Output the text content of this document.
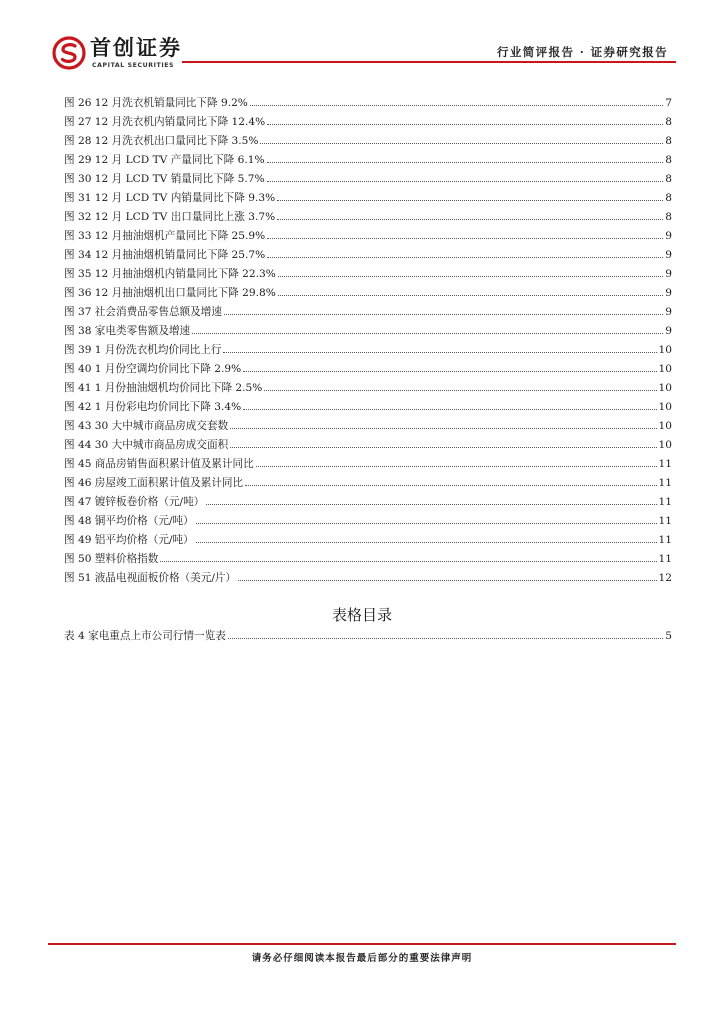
首创证券
CAPITAL SECURITIES
行业简评报告 · 证券研究报告
图 26 12 月洗衣机销量同比下降 9.2%	7
图 27 12 月洗衣机内销量同比下降 12.4%	8
图 28 12 月洗衣机出口量同比下降 3.5%	8
图 29 12 月 LCD TV 产量同比下降 6.1%	8
图 30 12 月 LCD TV 销量同比下降 5.7%	8
图 31 12 月 LCD TV 内销量同比下降 9.3%	8
图 32 12 月 LCD TV 出口量同比上涨 3.7%	8
图 33 12 月抽油烟机产量同比下降 25.9%	9
图 34 12 月抽油烟机销量同比下降 25.7%	9
图 35 12 月抽油烟机内销量同比下降 22.3%	9
图 36 12 月抽油烟机出口量同比下降 29.8%	9
图 37 社会消费品零售总额及增速	9
图 38 家电类零售额及增速	9
图 39 1 月份洗衣机均价同比上行	10
图 40 1 月份空调均价同比下降 2.9%	10
图 41 1 月份抽油烟机均价同比下降 2.5%	10
图 42 1 月份彩电均价同比下降 3.4%	10
图 43 30 大中城市商品房成交套数	10
图 44 30 大中城市商品房成交面积	10
图 45 商品房销售面积累计值及累计同比	11
图 46 房屋竣工面积累计值及累计同比	11
图 47 镀锌板卷价格（元/吨）	11
图 48 铜平均价格（元/吨）	11
图 49 铝平均价格（元/吨）	11
图 50 塑料价格指数	11
图 51 液晶电视面板价格（美元/片）	12
表格目录
表 4 家电重点上市公司行情一览表	5
请务必仔细阅读本报告最后部分的重要法律声明
